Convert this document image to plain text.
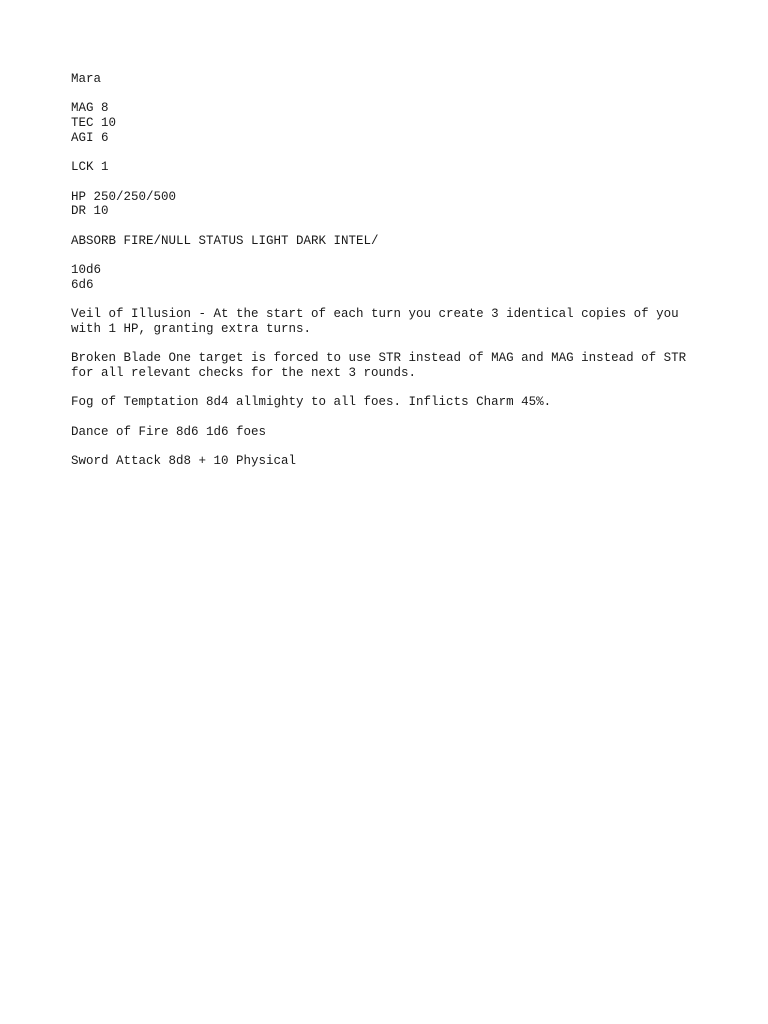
Mara
MAG 8
TEC 10
AGI 6
LCK 1
HP 250/250/500
DR 10
ABSORB FIRE/NULL STATUS LIGHT DARK INTEL/
10d6
6d6
Veil of Illusion - At the start of each turn you create 3 identical copies of you with 1 HP, granting extra turns.
Broken Blade One target is forced to use STR instead of MAG and MAG instead of STR for all relevant checks for the next 3 rounds.
Fog of Temptation 8d4 allmighty to all foes. Inflicts Charm 45%.
Dance of Fire 8d6 1d6 foes
Sword Attack 8d8 + 10 Physical
